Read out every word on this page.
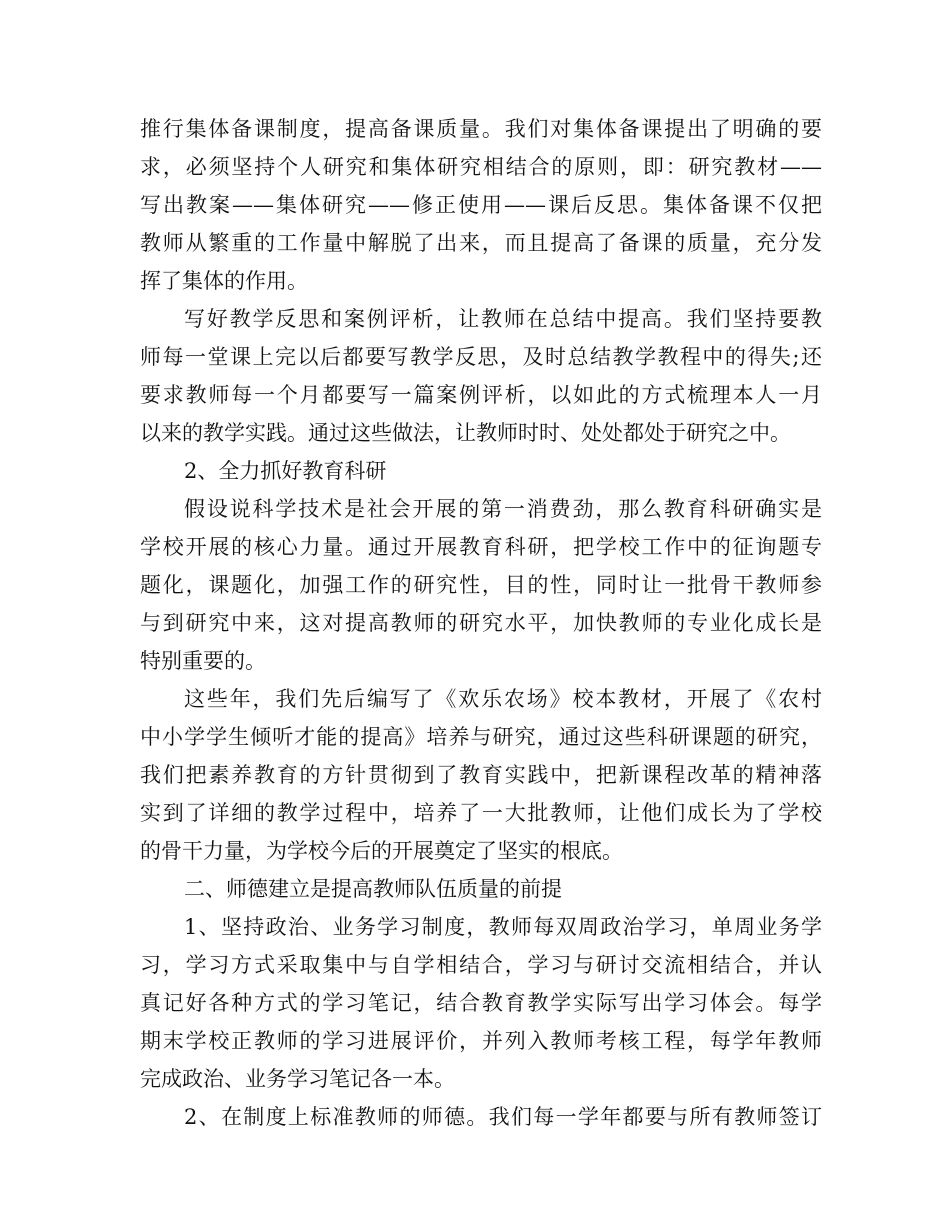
推行集体备课制度，提高备课质量。我们对集体备课提出了明确的要
求，必须坚持个人研究和集体研究相结合的原则，即：研究教材——
写出教案——集体研究——修正使用——课后反思。集体备课不仅把
教师从繁重的工作量中解脱了出来，而且提高了备课的质量，充分发
挥了集体的作用。
写好教学反思和案例评析，让教师在总结中提高。我们坚持要教
师每一堂课上完以后都要写教学反思，及时总结教学教程中的得失;还
要求教师每一个月都要写一篇案例评析，以如此的方式梳理本人一月
以来的教学实践。通过这些做法，让教师时时、处处都处于研究之中。
2、全力抓好教育科研
假设说科学技术是社会开展的第一消费劲，那么教育科研确实是
学校开展的核心力量。通过开展教育科研，把学校工作中的征询题专
题化，课题化，加强工作的研究性，目的性，同时让一批骨干教师参
与到研究中来，这对提高教师的研究水平，加快教师的专业化成长是
特别重要的。
这些年，我们先后编写了《欢乐农场》校本教材，开展了《农村
中小学学生倾听才能的提高》培养与研究，通过这些科研课题的研究，
我们把素养教育的方针贯彻到了教育实践中，把新课程改革的精神落
实到了详细的教学过程中，培养了一大批教师，让他们成长为了学校
的骨干力量，为学校今后的开展奠定了坚实的根底。
二、师德建立是提高教师队伍质量的前提
1、坚持政治、业务学习制度，教师每双周政治学习，单周业务学
习，学习方式采取集中与自学相结合，学习与研讨交流相结合，并认
真记好各种方式的学习笔记，结合教育教学实际写出学习体会。每学
期末学校正教师的学习进展评价，并列入教师考核工程，每学年教师
完成政治、业务学习笔记各一本。
2、在制度上标准教师的师德。我们每一学年都要与所有教师签订
